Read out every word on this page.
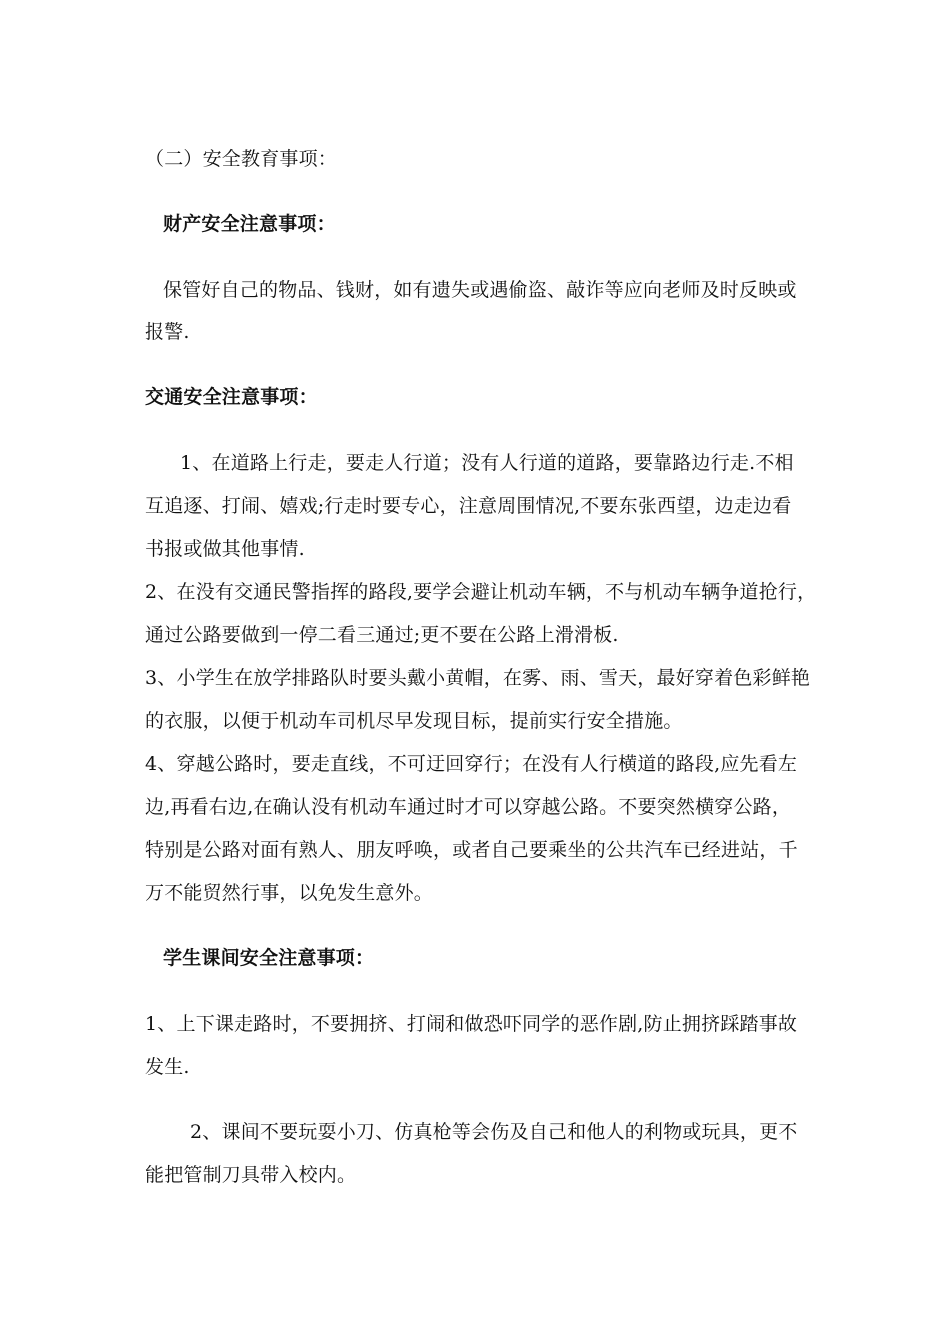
（二）安全教育事项：
财产安全注意事项：
保管好自己的物品、钱财，如有遗失或遇偷盗、敲诈等应向老师及时反映或
报警.
交通安全注意事项：
1、在道路上行走，要走人行道；没有人行道的道路，要靠路边行走.不相
互追逐、打闹、嬉戏;行走时要专心，注意周围情况,不要东张西望，边走边看
书报或做其他事情.
2、在没有交通民警指挥的路段,要学会避让机动车辆，不与机动车辆争道抢行，
通过公路要做到一停二看三通过;更不要在公路上滑滑板.
3、小学生在放学排路队时要头戴小黄帽，在雾、雨、雪天，最好穿着色彩鲜艳
的衣服，以便于机动车司机尽早发现目标，提前实行安全措施。
4、穿越公路时，要走直线，不可迂回穿行；在没有人行横道的路段,应先看左
边,再看右边,在确认没有机动车通过时才可以穿越公路。不要突然横穿公路，
特别是公路对面有熟人、朋友呼唤，或者自己要乘坐的公共汽车已经进站，千
万不能贸然行事，以免发生意外。
学生课间安全注意事项：
1、上下课走路时，不要拥挤、打闹和做恐吓同学的恶作剧,防止拥挤踩踏事故
发生.
2、课间不要玩耍小刀、仿真枪等会伤及自己和他人的利物或玩具，更不
能把管制刀具带入校内。
